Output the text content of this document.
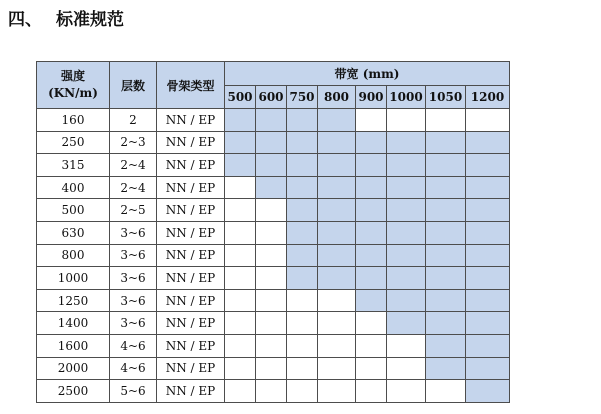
四、 标准规范
强度
(KN/m)	层数	骨架类型	带宽 (mm)							
			500	600	750	800	900	1000	1050	1200
160	2	NN / EP								
250	2~3	NN / EP								
315	2~4	NN / EP								
400	2~4	NN / EP								
500	2~5	NN / EP								
630	3~6	NN / EP								
800	3~6	NN / EP								
1000	3~6	NN / EP								
1250	3~6	NN / EP								
1400	3~6	NN / EP								
1600	4~6	NN / EP								
2000	4~6	NN / EP								
2500	5~6	NN / EP								
